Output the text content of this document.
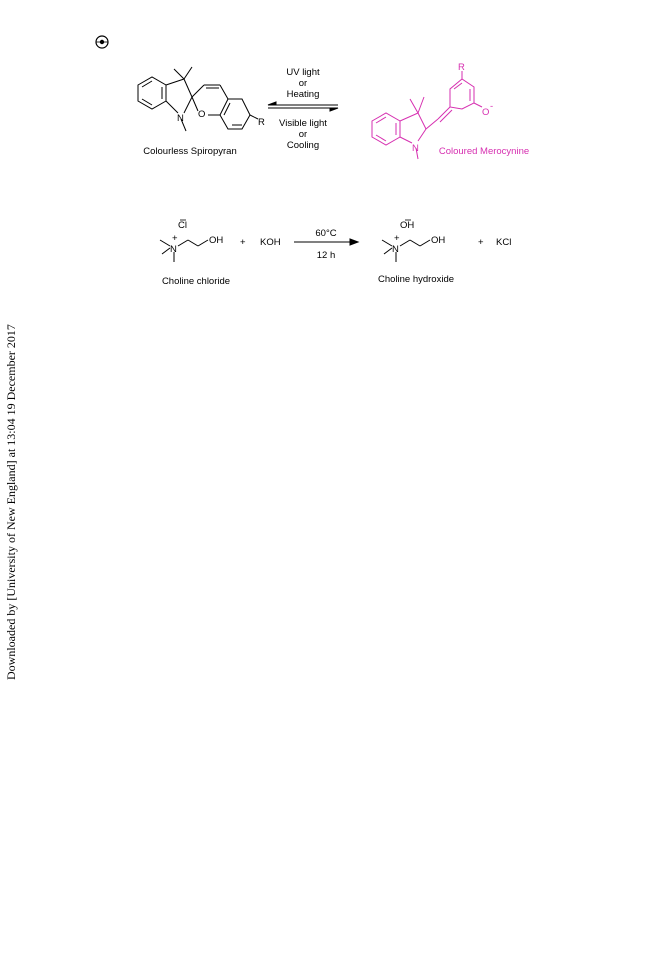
Downloaded by [University of New England] at 13:04 19 December 2017
N O
R
UV light
or
Heating
Visible light
or
Cooling
R
N
O
-
Colourless Spiropyran	Coloured Merocynine
Cl
N
+	OH + KOH
60°C
12 h
OH
N
+	OH	+ KCl
Choline chloride	Choline hydroxide
